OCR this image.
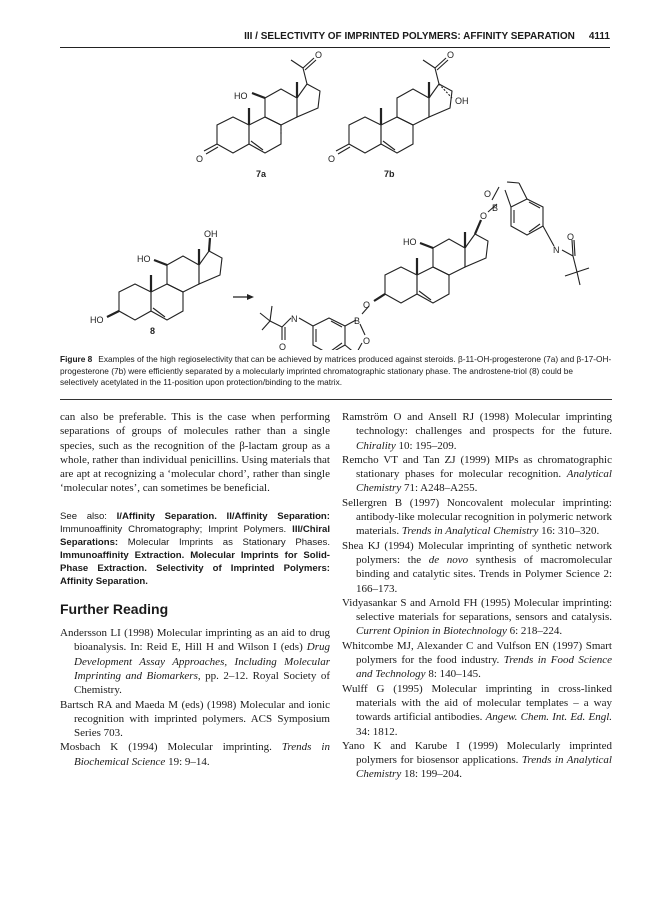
III / SELECTIVITY OF IMPRINTED POLYMERS: AFFINITY SEPARATION 4111
O
O
HO
7a
O
O
OH
7b
HO
HO
OH
8
HO
O
B
O
N
O
O
B
O
N
O
Figure 8 Examples of the high regioselectivity that can be achieved by matrices produced against steroids. β-11-OH-progesterone (7a) and β-17-OH-progesterone (7b) were efficiently separated by a molecularly imprinted chromatographic stationary phase. The androstene-triol (8) could be selectively acetylated in the 11-position upon protection/binding to the matrix.

can also be preferable. This is the case when performing separations of groups of molecules rather than a single species, such as the recognition of the β-lactam group as a whole, rather than individual penicillins. Using materials that are apt at recognizing a ‘molecular chord’, rather than single ‘molecular notes’, can sometimes be beneficial.

See also: I/Affinity Separation. II/Affinity Separation: Immunoaffinity Chromatography; Imprint Polymers. III/Chiral Separations: Molecular Imprints as Stationary Phases. Immunoaffinity Extraction. Molecular Imprints for Solid-Phase Extraction. Selectivity of Imprinted Polymers: Affinity Separation.

Further Reading

Andersson LI (1998) Molecular imprinting as an aid to drug bioanalysis. In: Reid E, Hill H and Wilson I (eds) Drug Development Assay Approaches, Including Molecular Imprinting and Biomarkers, pp. 2–12. Royal Society of Chemistry.

Bartsch RA and Maeda M (eds) (1998) Molecular and ionic recognition with imprinted polymers. ACS Symposium Series 703.

Mosbach K (1994) Molecular imprinting. Trends in Biochemical Science 19: 9–14.

Ramström O and Ansell RJ (1998) Molecular imprinting technology: challenges and prospects for the future. Chirality 10: 195–209.

Remcho VT and Tan ZJ (1999) MIPs as chromatographic stationary phases for molecular recognition. Analytical Chemistry 71: A248–A255.

Sellergren B (1997) Noncovalent molecular imprinting: antibody-like molecular recognition in polymeric network materials. Trends in Analytical Chemistry 16: 310–320.

Shea KJ (1994) Molecular imprinting of synthetic network polymers: the de novo synthesis of macromolecular binding and catalytic sites. Trends in Polymer Science 2: 166–173.

Vidyasankar S and Arnold FH (1995) Molecular imprinting: selective materials for separations, sensors and catalysis. Current Opinion in Biotechnology 6: 218–224.

Whitcombe MJ, Alexander C and Vulfson EN (1997) Smart polymers for the food industry. Trends in Food Science and Technology 8: 140–145.

Wulff G (1995) Molecular imprinting in cross-linked materials with the aid of molecular templates – a way towards artificial antibodies. Angew. Chem. Int. Ed. Engl. 34: 1812.

Yano K and Karube I (1999) Molecularly imprinted polymers for biosensor applications. Trends in Analytical Chemistry 18: 199–204.
